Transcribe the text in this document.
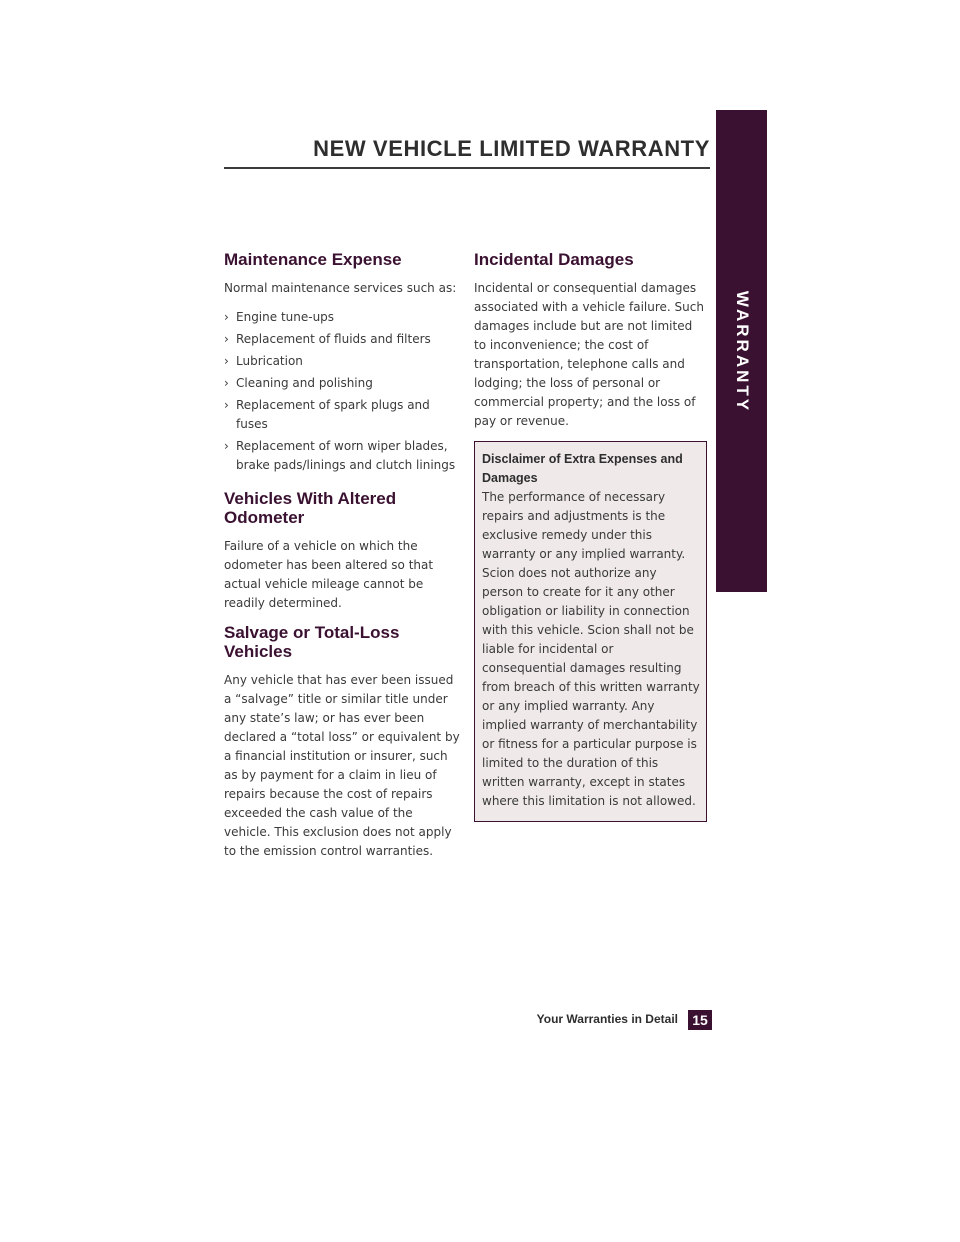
NEW VEHICLE LIMITED WARRANTY
WARRANTY
Maintenance Expense

Normal maintenance services such as:

› Engine tune-ups
› Replacement of fluids and filters
› Lubrication
› Cleaning and polishing
› Replacement of spark plugs and fuses
› Replacement of worn wiper blades, brake pads/linings and clutch linings
Vehicles With Altered Odometer

Failure of a vehicle on which the odometer has been altered so that actual vehicle mileage cannot be readily determined.

Salvage or Total-Loss Vehicles

Any vehicle that has ever been issued a “salvage” title or similar title under any state’s law; or has ever been declared a “total loss” or equivalent by a financial institution or insurer, such as by payment for a claim in lieu of repairs because the cost of repairs exceeded the cash value of the vehicle. This exclusion does not apply to the emission control warranties.

Incidental Damages

Incidental or consequential damages associated with a vehicle failure. Such damages include but are not limited to inconvenience; the cost of transportation, telephone calls and lodging; the loss of personal or commercial property; and the loss of pay or revenue.

Disclaimer of Extra Expenses and Damages

The performance of necessary repairs and adjustments is the exclusive remedy under this warranty or any implied warranty. Scion does not authorize any person to create for it any other obligation or liability in connection with this vehicle. Scion shall not be liable for incidental or consequential damages resulting from breach of this written warranty or any implied warranty. Any implied warranty of merchantability or fitness for a particular purpose is limited to the duration of this written warranty, except in states where this limitation is not allowed.

Your Warranties in Detail	15
